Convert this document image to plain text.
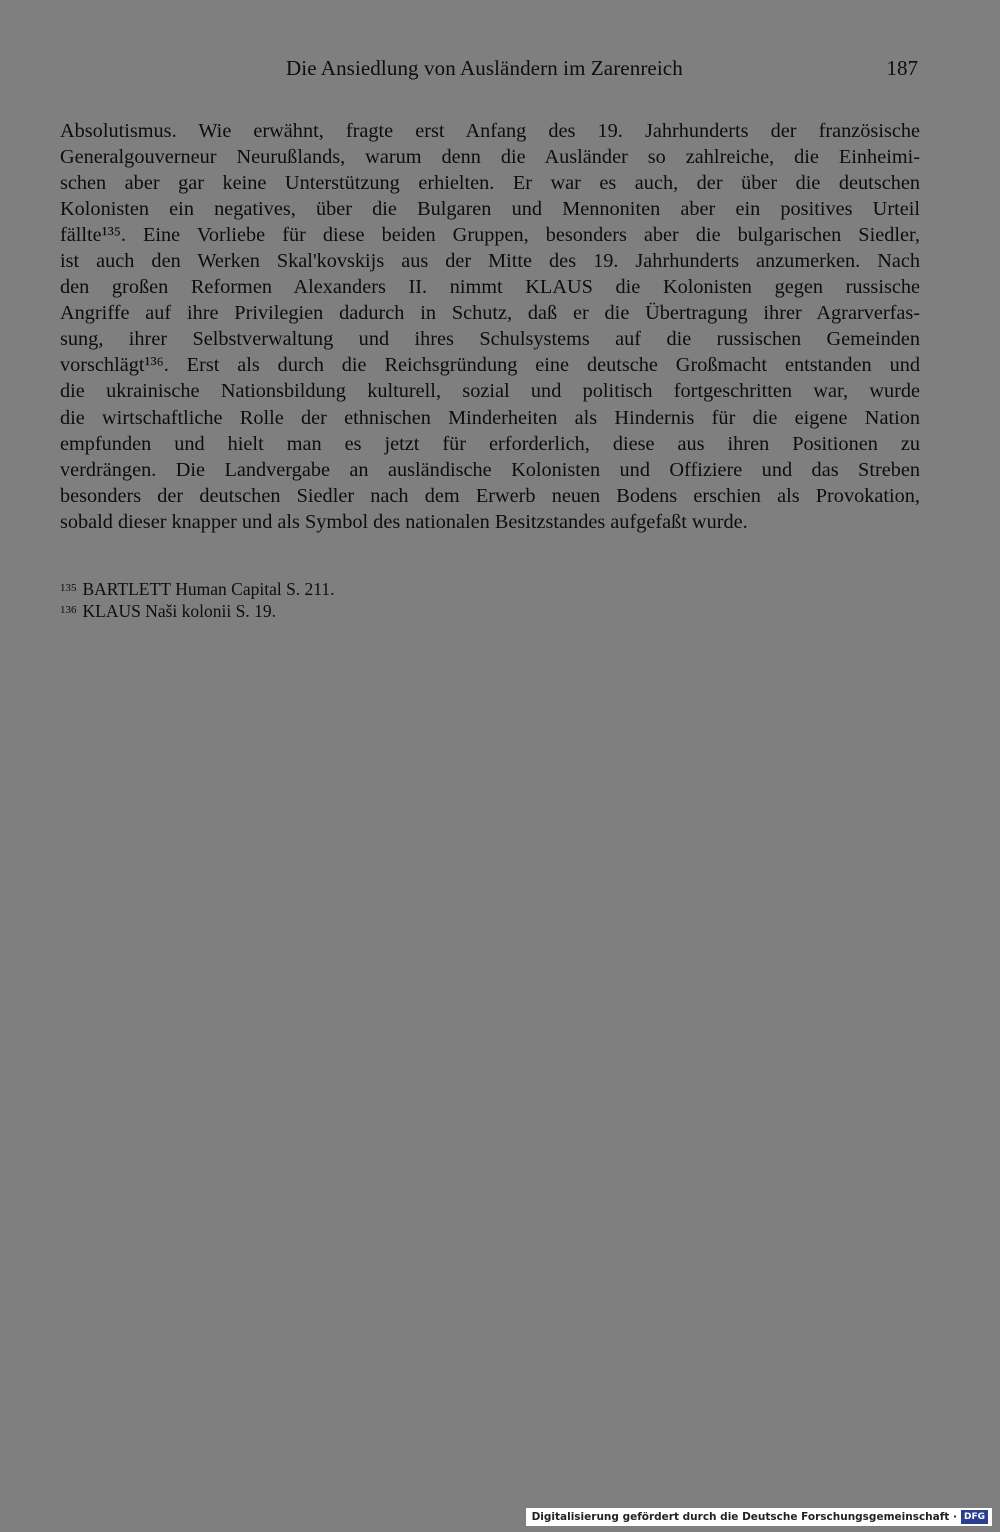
Die Ansiedlung von Ausländern im Zarenreich	187
Absolutismus. Wie erwähnt, fragte erst Anfang des 19. Jahrhunderts der französische
Generalgouverneur Neurußlands, warum denn die Ausländer so zahlreiche, die Einheimi-
schen aber gar keine Unterstützung erhielten. Er war es auch, der über die deutschen
Kolonisten ein negatives, über die Bulgaren und Mennoniten aber ein positives Urteil
fällte¹³⁵. Eine Vorliebe für diese beiden Gruppen, besonders aber die bulgarischen Siedler,
ist auch den Werken Skal'kovskijs aus der Mitte des 19. Jahrhunderts anzumerken. Nach
den großen Reformen Alexanders II. nimmt KLAUS die Kolonisten gegen russische
Angriffe auf ihre Privilegien dadurch in Schutz, daß er die Übertragung ihrer Agrarverfas-
sung, ihrer Selbstverwaltung und ihres Schulsystems auf die russischen Gemeinden
vorschlägt¹³⁶. Erst als durch die Reichsgründung eine deutsche Großmacht entstanden und
die ukrainische Nationsbildung kulturell, sozial und politisch fortgeschritten war, wurde
die wirtschaftliche Rolle der ethnischen Minderheiten als Hindernis für die eigene Nation
empfunden und hielt man es jetzt für erforderlich, diese aus ihren Positionen zu
verdrängen. Die Landvergabe an ausländische Kolonisten und Offiziere und das Streben
besonders der deutschen Siedler nach dem Erwerb neuen Bodens erschien als Provokation,
sobald dieser knapper und als Symbol des nationalen Besitzstandes aufgefaßt wurde.
$^{135}$ BARTLETT Human Capital S. 211.
$^{136}$ KLAUS Naši kolonii S. 19.
Digitalisierung gefördert durch die Deutsche Forschungsgemeinschaft · DFG
